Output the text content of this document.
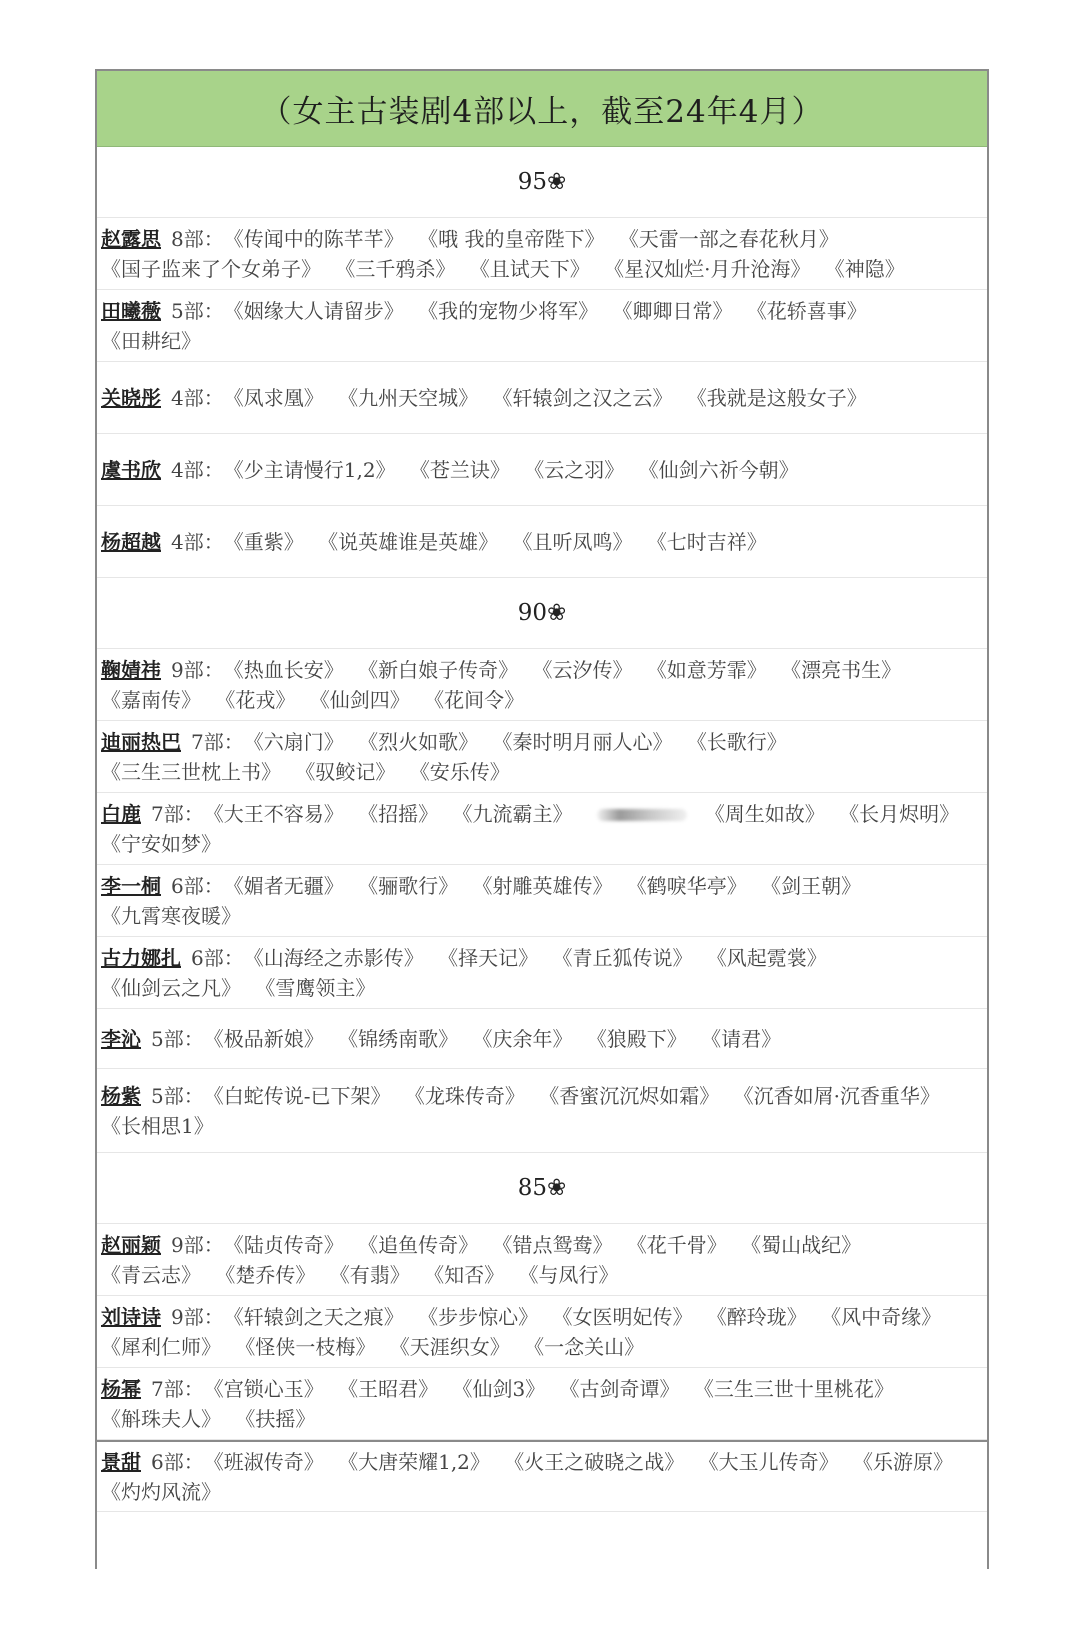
（女主古装剧4部以上，截至24年4月）
95❀
赵露思 8部： 《传闻中的陈芊芊》 《哦 我的皇帝陛下》 《天雷一部之春花秋月》 《国子监来了个女弟子》 《三千鸦杀》 《且试天下》 《星汉灿烂·月升沧海》 《神隐》
田曦薇 5部： 《姻缘大人请留步》 《我的宠物少将军》 《卿卿日常》 《花轿喜事》 《田耕纪》
关晓彤 4部： 《凤求凰》 《九州天空城》 《轩辕剑之汉之云》 《我就是这般女子》
虞书欣 4部： 《少主请慢行1,2》 《苍兰诀》 《云之羽》 《仙剑六祈今朝》
杨超越 4部： 《重紫》 《说英雄谁是英雄》 《且听凤鸣》 《七时吉祥》
90❀
鞠婧祎 9部： 《热血长安》 《新白娘子传奇》 《云汐传》 《如意芳霏》 《漂亮书生》 《嘉南传》 《花戎》 《仙剑四》 《花间令》
迪丽热巴 7部： 《六扇门》 《烈火如歌》 《秦时明月丽人心》 《长歌行》 《三生三世枕上书》 《驭鲛记》 《安乐传》
白鹿 7部： 《大王不容易》 《招摇》 《九流霸主》	《周生如故》 《长月烬明》 《宁安如梦》
李一桐 6部： 《媚者无疆》 《骊歌行》 《射雕英雄传》 《鹤唳华亭》 《剑王朝》 《九霄寒夜暖》
古力娜扎 6部： 《山海经之赤影传》 《择天记》 《青丘狐传说》 《风起霓裳》 《仙剑云之凡》 《雪鹰领主》
李沁 5部： 《极品新娘》 《锦绣南歌》 《庆余年》 《狼殿下》 《请君》
杨紫 5部： 《白蛇传说-已下架》 《龙珠传奇》 《香蜜沉沉烬如霜》 《沉香如屑·沉香重华》 《长相思1》
85❀
赵丽颖 9部： 《陆贞传奇》 《追鱼传奇》 《错点鸳鸯》 《花千骨》 《蜀山战纪》 《青云志》 《楚乔传》 《有翡》 《知否》 《与凤行》
刘诗诗 9部： 《轩辕剑之天之痕》 《步步惊心》 《女医明妃传》 《醉玲珑》 《风中奇缘》 《犀利仁师》 《怪侠一枝梅》 《天涯织女》 《一念关山》
杨幂 7部： 《宫锁心玉》 《王昭君》 《仙剑3》 《古剑奇谭》 《三生三世十里桃花》 《斛珠夫人》 《扶摇》
景甜 6部： 《班淑传奇》 《大唐荣耀1,2》 《火王之破晓之战》 《大玉儿传奇》 《乐游原》 《灼灼风流》
